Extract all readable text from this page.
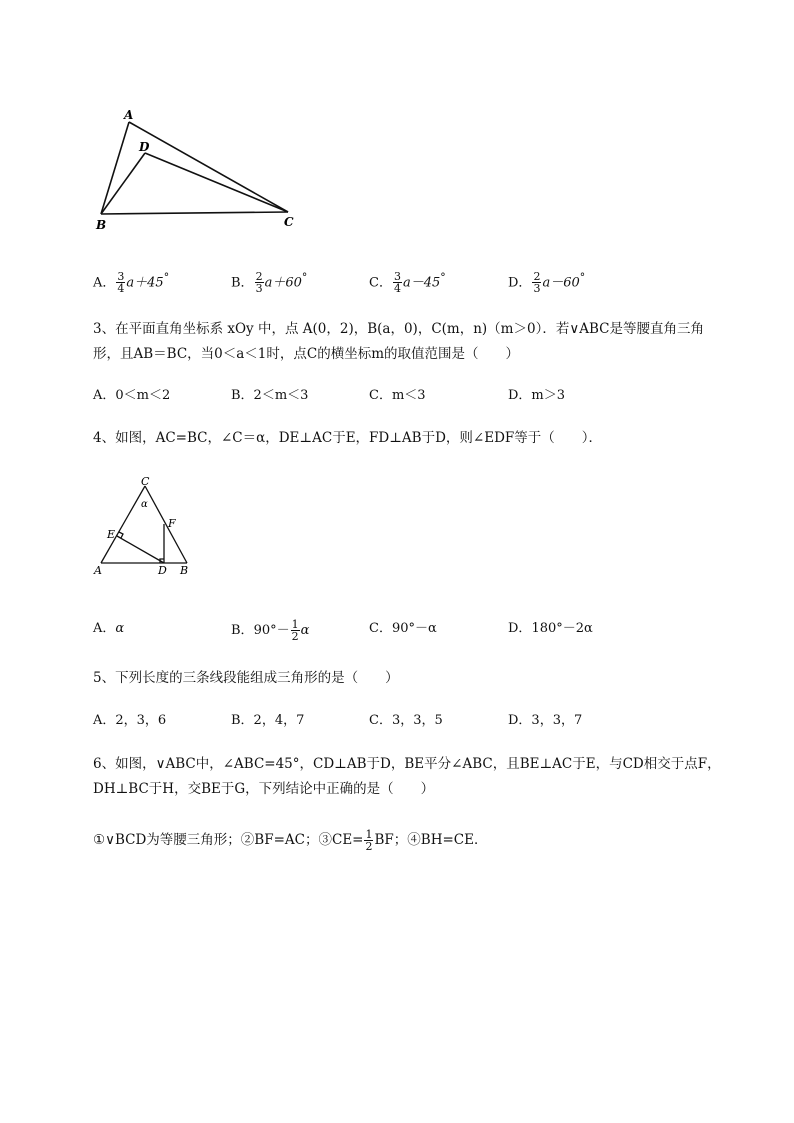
A
D
B	C
A． $\frac{3}{4} a+45^\circ$	B． $\frac{2}{3} a+60^\circ$	C． $\frac{3}{4} a-45^\circ$	D． $\frac{2}{3} a-60^\circ$
3、在平面直角坐标系 xOy 中，点 A(0，2)，B(a，0)，C(m，n)（m＞0）．若∨ABC是等腰直角三角
形，且AB＝BC，当0＜a＜1时，点C的横坐标m的取值范围是（　　）
A．0＜m＜2	B．2＜m＜3	C．m＜3	D．m＞3
4、如图，AC=BC，∠C＝α，DE⊥AC于E，FD⊥AB于D，则∠EDF等于（　　）．
C
α
F
E
A	D B
A．α	B．$90^\circ- \frac{1}{2}$ α	C．90°－α	D．180°－2α
5、下列长度的三条线段能组成三角形的是（　　）
A．2，3，6	B．2，4，7	C．3，3，5	D．3，3，7
6、如图，∨ABC中，∠ABC=45°，CD⊥AB于D，BE平分∠ABC，且BE⊥AC于E，与CD相交于点F，
DH⊥BC于H，交BE于G，下列结论中正确的是（　　）
①∨BCD为等腰三角形；②BF=AC；③CE= $\frac{1}{2}$ BF；④BH=CE．
